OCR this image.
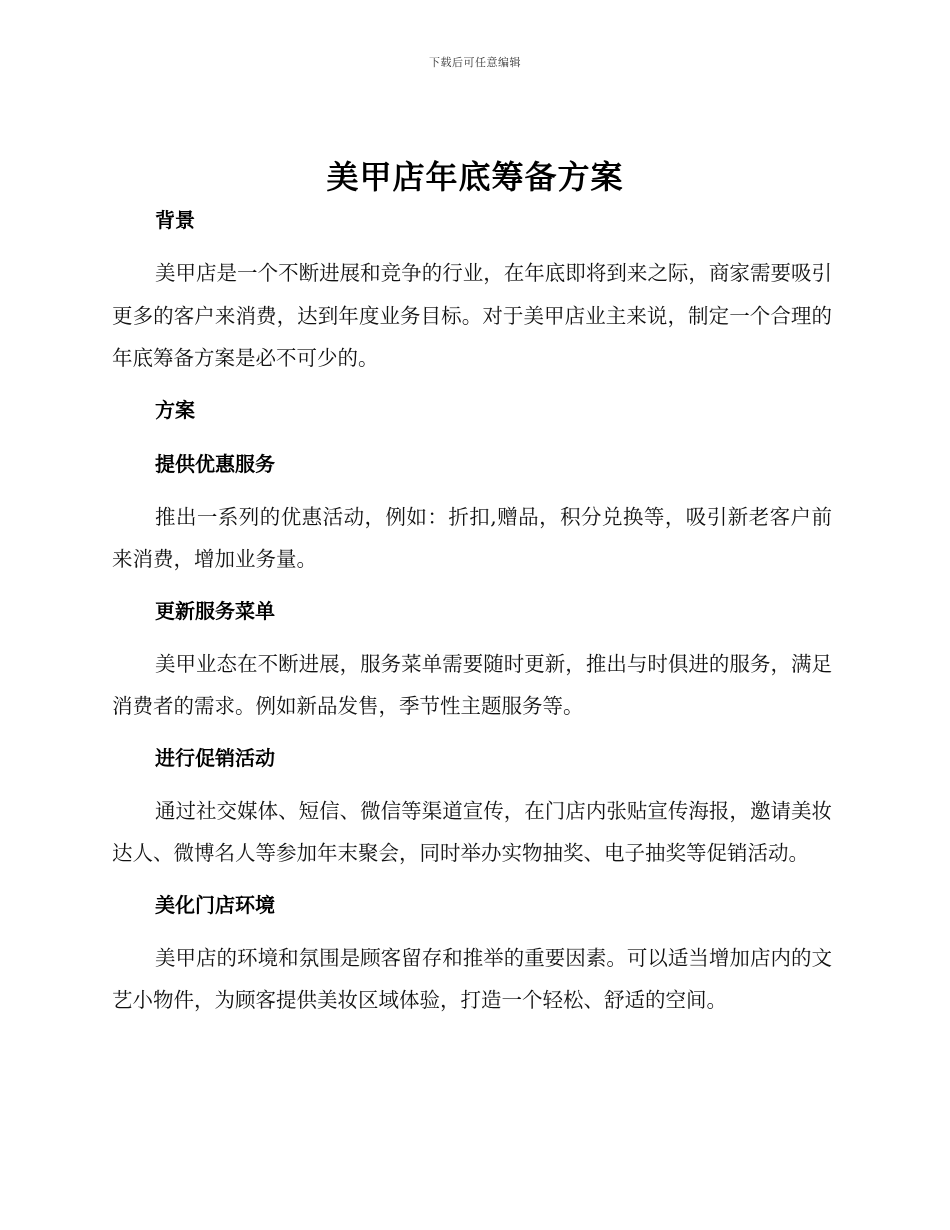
下载后可任意编辑
美甲店年底筹备方案
背景

美甲店是一个不断进展和竞争的行业，在年底即将到来之际，商家需要吸引更多的客户来消费，达到年度业务目标。对于美甲店业主来说，制定一个合理的年底筹备方案是必不可少的。

方案
提供优惠服务

推出一系列的优惠活动，例如：折扣,赠品，积分兑换等，吸引新老客户前来消费，增加业务量。

更新服务菜单

美甲业态在不断进展，服务菜单需要随时更新，推出与时俱进的服务，满足消费者的需求。例如新品发售，季节性主题服务等。

进行促销活动

通过社交媒体、短信、微信等渠道宣传，在门店内张贴宣传海报，邀请美妆达人、微博名人等参加年末聚会，同时举办实物抽奖、电子抽奖等促销活动。

美化门店环境

美甲店的环境和氛围是顾客留存和推举的重要因素。可以适当增加店内的文艺小物件，为顾客提供美妆区域体验，打造一个轻松、舒适的空间。
